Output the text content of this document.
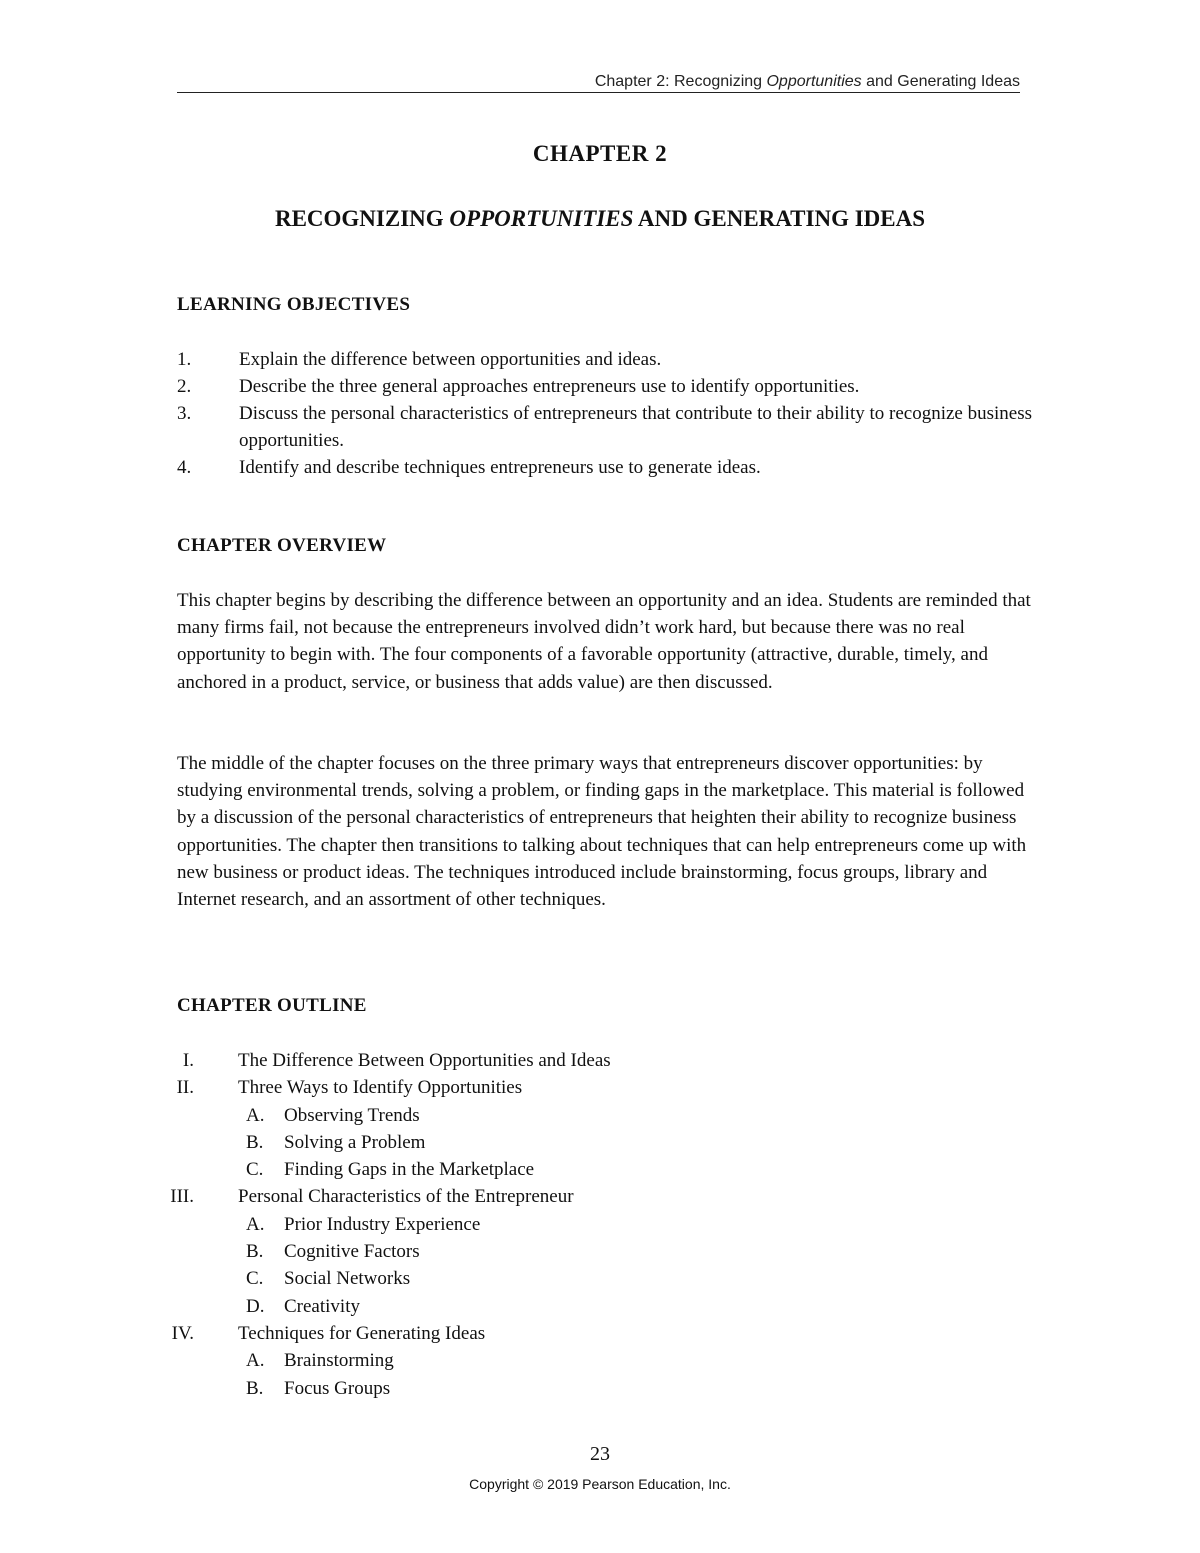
Chapter 2: Recognizing Opportunities and Generating Ideas
CHAPTER 2
RECOGNIZING OPPORTUNITIES AND GENERATING IDEAS
LEARNING OBJECTIVES
1.	Explain the difference between opportunities and ideas.
2.	Describe the three general approaches entrepreneurs use to identify opportunities.
3.	Discuss the personal characteristics of entrepreneurs that contribute to their ability to recognize business opportunities.
4.	Identify and describe techniques entrepreneurs use to generate ideas.
CHAPTER OVERVIEW

This chapter begins by describing the difference between an opportunity and an idea. Students are reminded that many firms fail, not because the entrepreneurs involved didn’t work hard, but because there was no real opportunity to begin with. The four components of a favorable opportunity (attractive, durable, timely, and anchored in a product, service, or business that adds value) are then discussed.

The middle of the chapter focuses on the three primary ways that entrepreneurs discover opportunities: by studying environmental trends, solving a problem, or finding gaps in the marketplace. This material is followed by a discussion of the personal characteristics of entrepreneurs that heighten their ability to recognize business opportunities. The chapter then transitions to talking about techniques that can help entrepreneurs come up with new business or product ideas. The techniques introduced include brainstorming, focus groups, library and Internet research, and an assortment of other techniques.

CHAPTER OUTLINE
I.	The Difference Between Opportunities and Ideas
II.	Three Ways to Identify Opportunities
A.	Observing Trends
B.	Solving a Problem
C.	Finding Gaps in the Marketplace
III.	Personal Characteristics of the Entrepreneur
A.	Prior Industry Experience
B.	Cognitive Factors
C.	Social Networks
D.	Creativity
IV.	Techniques for Generating Ideas
A.	Brainstorming
B.	Focus Groups
23
Copyright © 2019 Pearson Education, Inc.
